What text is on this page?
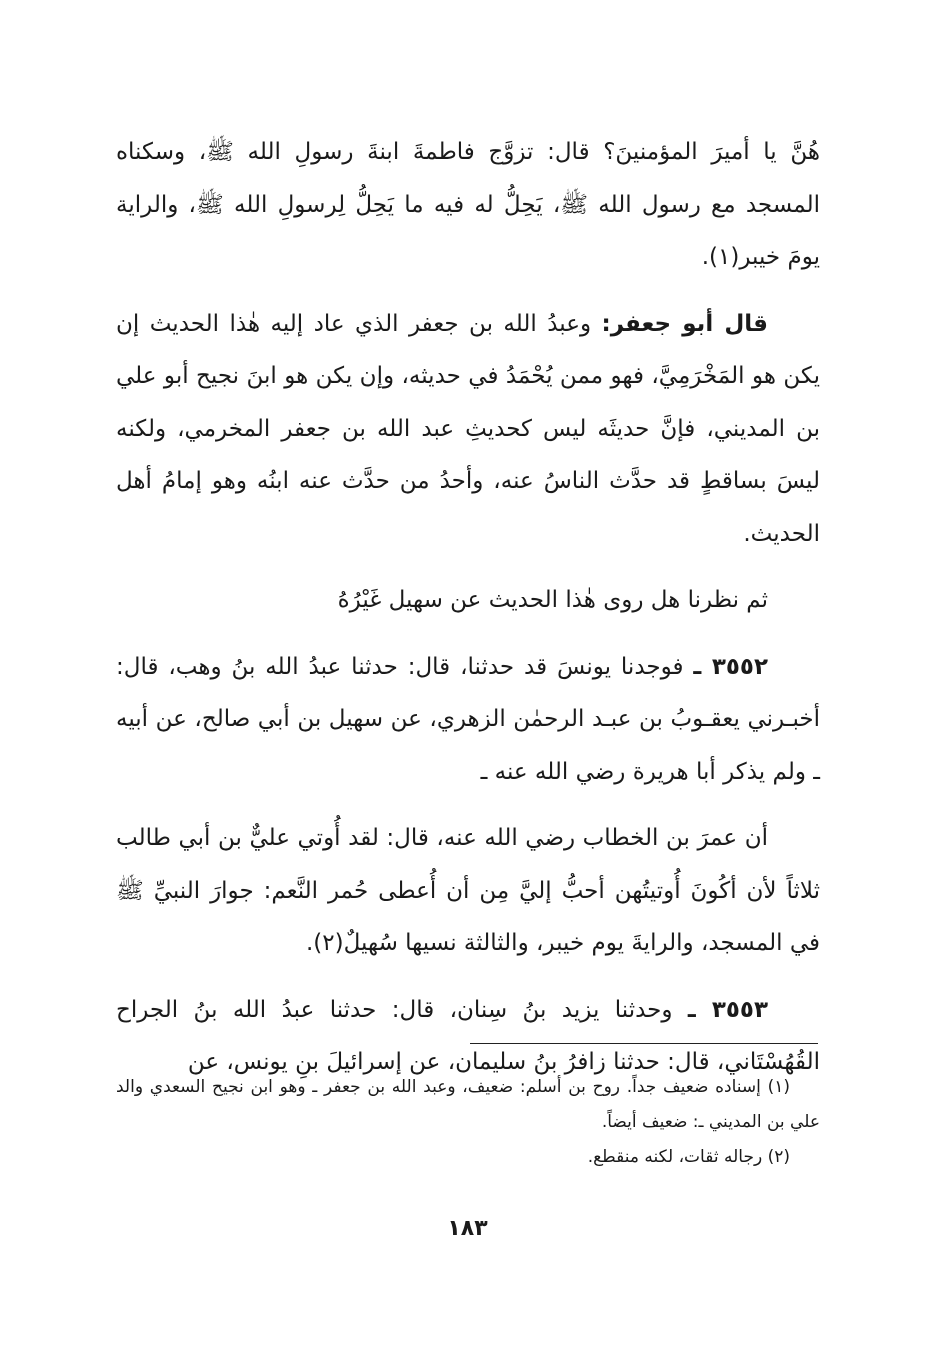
هُنَّ يا أميرَ المؤمنينَ؟ قال: تزوَّج فاطمةَ ابنةَ رسولِ الله ﷺ، وسكناه المسجد مع رسول الله ﷺ، يَحِلُّ له فيه ما يَحِلُّ لِرسولِ الله ﷺ، والراية يومَ خيبر(١).

قال أبو جعفر: وعبدُ الله بن جعفر الذي عاد إليه هٰذا الحديث إن يكن هو المَخْرَمِيَّ، فهو ممن يُحْمَدُ في حديثه، وإن يكن هو ابنَ نجيح أبو علي بن المديني، فإنَّ حديثَه ليس كحديثِ عبد الله بن جعفر المخرمي، ولكنه ليسَ بساقطٍ قد حدَّث الناسُ عنه، وأحدُ من حدَّث عنه ابنُه وهو إمامُ أهل الحديث.

ثم نظرنا هل روى هٰذا الحديث عن سهيل غَيْرُهُ

٣٥٥٢ ـ فوجدنا يونسَ قد حدثنا، قال: حدثنا عبدُ الله بنُ وهب، قال: أخبـرني يعقـوبُ بن عبـد الرحمٰن الزهري، عن سهيل بن أبي صالح، عن أبيه ـ ولم يذكر أبا هريرة رضي الله عنه ـ

أن عمرَ بن الخطاب رضي الله عنه، قال: لقد أُوتي عليٌّ بن أبي طالب ثلاثاً لأن أكُونَ أُوتيتُهن أحبُّ إليَّ مِن أن أُعطى حُمر النَّعم: جوارَ النبيِّ ﷺ في المسجد، والرايةَ يوم خيبر، والثالثة نسيها سُهيلٌ(٢).

٣٥٥٣ ـ وحدثنا يزيد بنُ سِنان، قال: حدثنا عبدُ الله بنُ الجراح القُهُسْتَاني، قال: حدثنا زافرُ بنُ سليمان، عن إسرائيلَ بنِ يونس، عن

(١) إسناده ضعيف جداً. روح بن أسلم: ضعيف، وعبد الله بن جعفر ـ وهو ابن نجيح السعدي والد علي بن المديني ـ: ضعيف أيضاً.

(٢) رجاله ثقات، لكنه منقطع.

١٨٣
